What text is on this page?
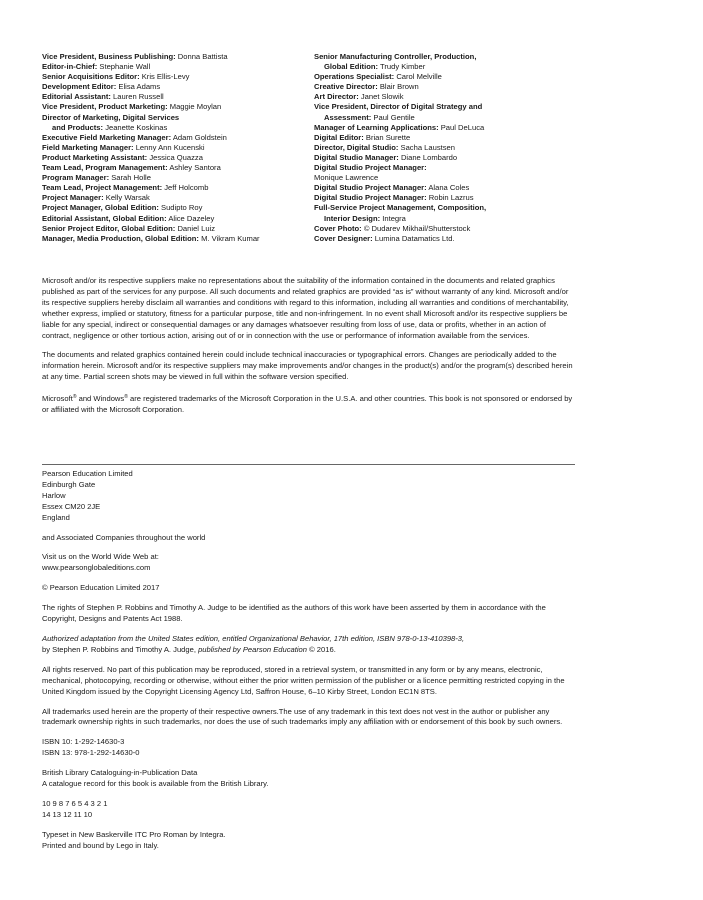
Vice President, Business Publishing: Donna Battista
Editor-in-Chief: Stephanie Wall
Senior Acquisitions Editor: Kris Ellis-Levy
Development Editor: Elisa Adams
Editorial Assistant: Lauren Russell
Vice President, Product Marketing: Maggie Moylan
Director of Marketing, Digital Services
and Products: Jeanette Koskinas
Executive Field Marketing Manager: Adam Goldstein
Field Marketing Manager: Lenny Ann Kucenski
Product Marketing Assistant: Jessica Quazza
Team Lead, Program Management: Ashley Santora
Program Manager: Sarah Holle
Team Lead, Project Management: Jeff Holcomb
Project Manager: Kelly Warsak
Project Manager, Global Edition: Sudipto Roy
Editorial Assistant, Global Edition: Alice Dazeley
Senior Project Editor, Global Edition: Daniel Luiz
Manager, Media Production, Global Edition: M. Vikram Kumar
Senior Manufacturing Controller, Production,
Global Edition: Trudy Kimber
Operations Specialist: Carol Melville
Creative Director: Blair Brown
Art Director: Janet Slowik
Vice President, Director of Digital Strategy and
Assessment: Paul Gentile
Manager of Learning Applications: Paul DeLuca
Digital Editor: Brian Surette
Director, Digital Studio: Sacha Laustsen
Digital Studio Manager: Diane Lombardo
Digital Studio Project Manager:
Monique Lawrence
Digital Studio Project Manager: Alana Coles
Digital Studio Project Manager: Robin Lazrus
Full-Service Project Management, Composition,
Interior Design: Integra
Cover Photo: © Dudarev Mikhail/Shutterstock
Cover Designer: Lumina Datamatics Ltd.

Microsoft and/or its respective suppliers make no representations about the suitability of the information contained in the documents and related graphics published as part of the services for any purpose. All such documents and related graphics are provided “as is” without warranty of any kind. Microsoft and/or its respective suppliers hereby disclaim all warranties and conditions with regard to this information, including all warranties and conditions of merchantability, whether express, implied or statutory, fitness for a particular purpose, title and non-infringement. In no event shall Microsoft and/or its respective suppliers be liable for any special, indirect or consequential damages or any damages whatsoever resulting from loss of use, data or profits, whether in an action of contract, negligence or other tortious action, arising out of or in connection with the use or performance of information available from the services.

The documents and related graphics contained herein could include technical inaccuracies or typographical errors. Changes are periodically added to the information herein. Microsoft and/or its respective suppliers may make improvements and/or changes in the product(s) and/or the program(s) described herein at any time. Partial screen shots may be viewed in full within the software version specified.

Microsoft® and Windows® are registered trademarks of the Microsoft Corporation in the U.S.A. and other countries. This book is not sponsored or endorsed by or affiliated with the Microsoft Corporation.

Pearson Education Limited
Edinburgh Gate
Harlow
Essex CM20 2JE
England

and Associated Companies throughout the world

Visit us on the World Wide Web at:
www.pearsonglobaleditions.com

© Pearson Education Limited 2017

The rights of Stephen P. Robbins and Timothy A. Judge to be identified as the authors of this work have been asserted by them in accordance with the Copyright, Designs and Patents Act 1988.

Authorized adaptation from the United States edition, entitled Organizational Behavior, 17th edition, ISBN 978-0-13-410398-3,
by Stephen P. Robbins and Timothy A. Judge, published by Pearson Education © 2016.

All rights reserved. No part of this publication may be reproduced, stored in a retrieval system, or transmitted in any form or by any means, electronic, mechanical, photocopying, recording or otherwise, without either the prior written permission of the publisher or a licence permitting restricted copying in the United Kingdom issued by the Copyright Licensing Agency Ltd, Saffron House, 6–10 Kirby Street, London EC1N 8TS.

All trademarks used herein are the property of their respective owners.The use of any trademark in this text does not vest in the author or publisher any trademark ownership rights in such trademarks, nor does the use of such trademarks imply any affiliation with or endorsement of this book by such owners.

ISBN 10: 1-292-14630-3
ISBN 13: 978-1-292-14630-0

British Library Cataloguing-in-Publication Data
A catalogue record for this book is available from the British Library.

10 9 8 7 6 5 4 3 2 1
14 13 12 11 10

Typeset in New Baskerville ITC Pro Roman by Integra.
Printed and bound by Lego in Italy.
